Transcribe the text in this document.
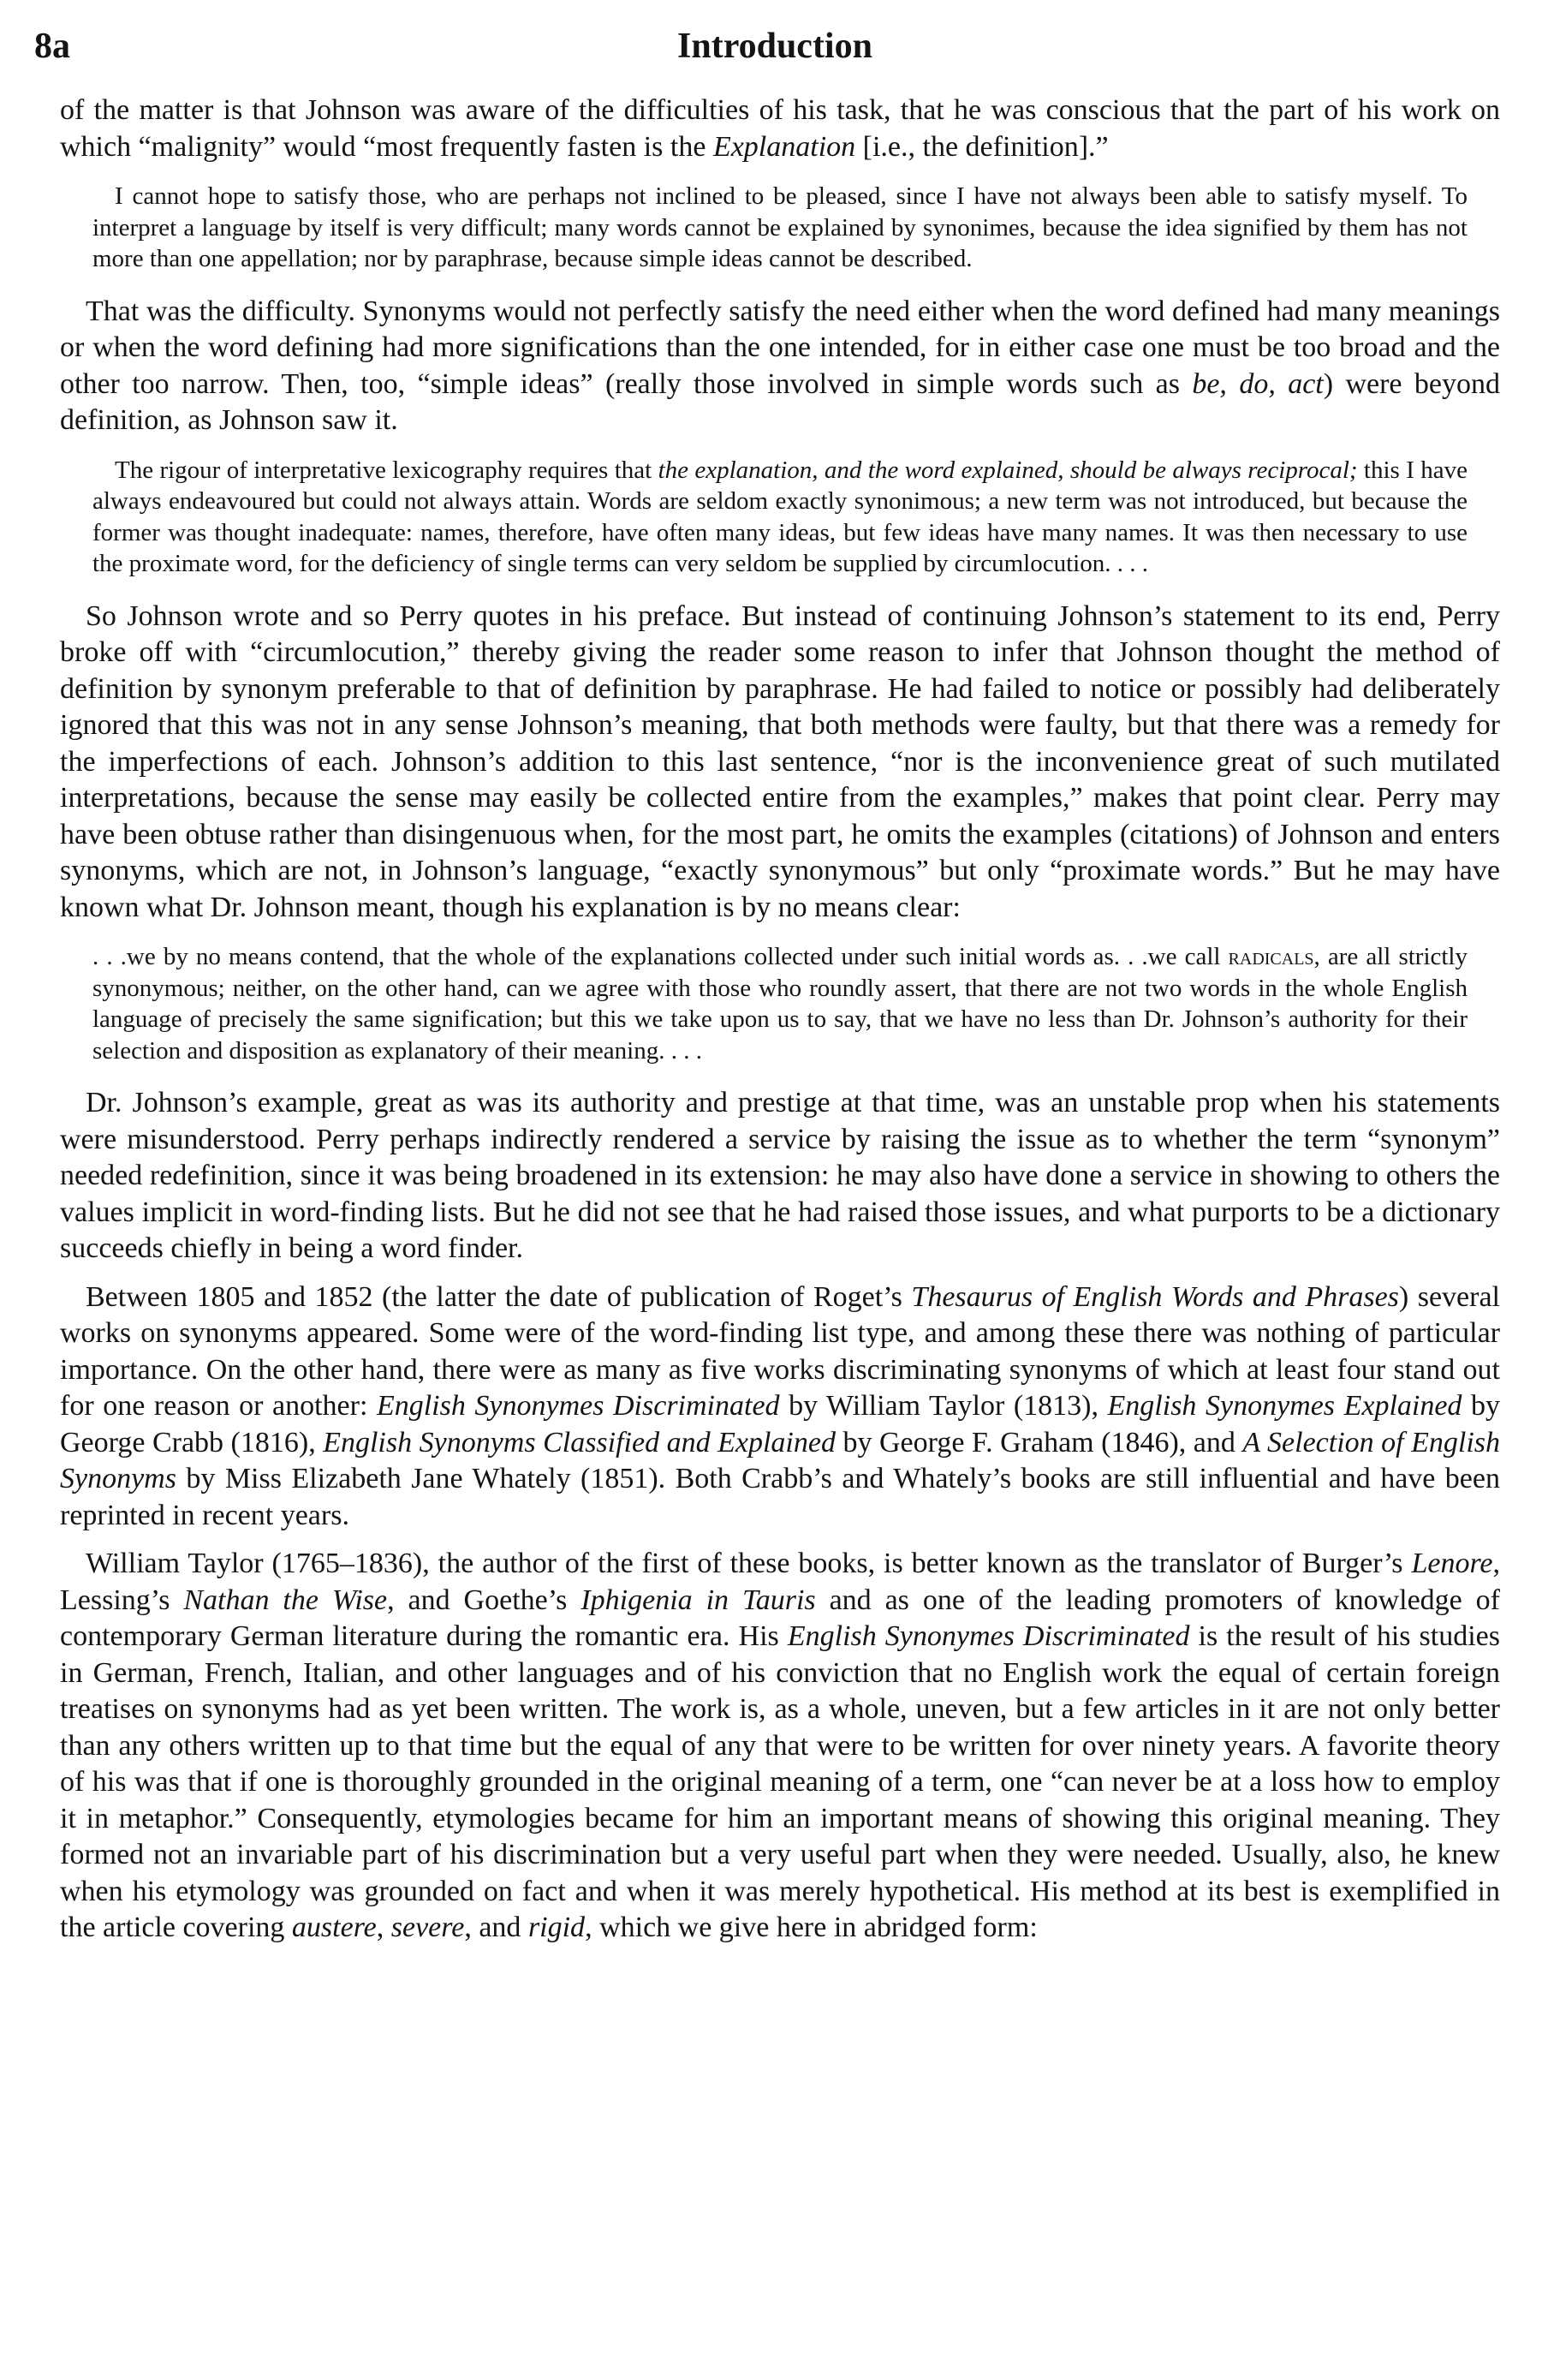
8a	Introduction

of the matter is that Johnson was aware of the difficulties of his task, that he was conscious that the part of his work on which “malignity” would “most frequently fasten is the Explanation [i.e., the definition].”

I cannot hope to satisfy those, who are perhaps not inclined to be pleased, since I have not always been able to satisfy myself. To interpret a language by itself is very difficult; many words cannot be explained by synonimes, because the idea signified by them has not more than one appellation; nor by paraphrase, because simple ideas cannot be described.

That was the difficulty. Synonyms would not perfectly satisfy the need either when the word defined had many meanings or when the word defining had more significations than the one intended, for in either case one must be too broad and the other too narrow. Then, too, “simple ideas” (really those involved in simple words such as be, do, act) were beyond definition, as Johnson saw it.

The rigour of interpretative lexicography requires that the explanation, and the word explained, should be always reciprocal; this I have always endeavoured but could not always attain. Words are seldom exactly synonimous; a new term was not introduced, but because the former was thought inadequate: names, therefore, have often many ideas, but few ideas have many names. It was then necessary to use the proximate word, for the deficiency of single terms can very seldom be supplied by circumlocution. . . .

So Johnson wrote and so Perry quotes in his preface. But instead of continuing Johnson’s statement to its end, Perry broke off with “circumlocution,” thereby giving the reader some reason to infer that Johnson thought the method of definition by synonym preferable to that of definition by paraphrase. He had failed to notice or possibly had deliberately ignored that this was not in any sense Johnson’s meaning, that both methods were faulty, but that there was a remedy for the imperfections of each. Johnson’s addition to this last sentence, “nor is the inconvenience great of such mutilated interpretations, because the sense may easily be collected entire from the examples,” makes that point clear. Perry may have been obtuse rather than disingenuous when, for the most part, he omits the examples (citations) of Johnson and enters synonyms, which are not, in Johnson’s language, “exactly synonymous” but only “proximate words.” But he may have known what Dr. Johnson meant, though his explanation is by no means clear:

. . .we by no means contend, that the whole of the explanations collected under such initial words as. . .we call radicals, are all strictly synonymous; neither, on the other hand, can we agree with those who roundly assert, that there are not two words in the whole English language of precisely the same signification; but this we take upon us to say, that we have no less than Dr. Johnson’s authority for their selection and disposition as explanatory of their meaning. . . .

Dr. Johnson’s example, great as was its authority and prestige at that time, was an unstable prop when his statements were misunderstood. Perry perhaps indirectly rendered a service by raising the issue as to whether the term “synonym” needed redefinition, since it was being broadened in its extension: he may also have done a service in showing to others the values implicit in word-finding lists. But he did not see that he had raised those issues, and what purports to be a dictionary succeeds chiefly in being a word finder.

Between 1805 and 1852 (the latter the date of publication of Roget’s Thesaurus of English Words and Phrases) several works on synonyms appeared. Some were of the word-finding list type, and among these there was nothing of particular importance. On the other hand, there were as many as five works discriminating synonyms of which at least four stand out for one reason or another: English Synonymes Discriminated by William Taylor (1813), English Synonymes Explained by George Crabb (1816), English Synonyms Classified and Explained by George F. Graham (1846), and A Selection of English Synonyms by Miss Elizabeth Jane Whately (1851). Both Crabb’s and Whately’s books are still influential and have been reprinted in recent years.

William Taylor (1765–1836), the author of the first of these books, is better known as the translator of Burger’s Lenore, Lessing’s Nathan the Wise, and Goethe’s Iphigenia in Tauris and as one of the leading promoters of knowledge of contemporary German literature during the romantic era. His English Synonymes Discriminated is the result of his studies in German, French, Italian, and other languages and of his conviction that no English work the equal of certain foreign treatises on synonyms had as yet been written. The work is, as a whole, uneven, but a few articles in it are not only better than any others written up to that time but the equal of any that were to be written for over ninety years. A favorite theory of his was that if one is thoroughly grounded in the original meaning of a term, one “can never be at a loss how to employ it in metaphor.” Consequently, etymologies became for him an important means of showing this original meaning. They formed not an invariable part of his discrimination but a very useful part when they were needed. Usually, also, he knew when his etymology was grounded on fact and when it was merely hypothetical. His method at its best is exemplified in the article covering austere, severe, and rigid, which we give here in abridged form:
